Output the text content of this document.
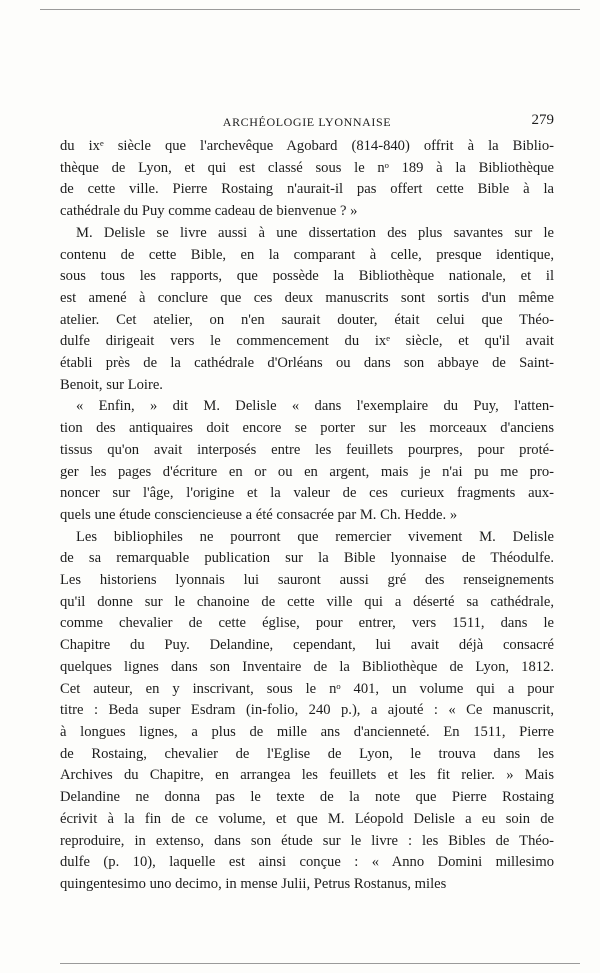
ARCHÉOLOGIE LYONNAISE	279
du ixᵉ siècle que l'archevêque Agobard (814-840) offrit à la Biblio-
thèque de Lyon, et qui est classé sous le nᵒ 189 à la Bibliothèque
de cette ville. Pierre Rostaing n'aurait-il pas offert cette Bible à la
cathédrale du Puy comme cadeau de bienvenue ? »
M. Delisle se livre aussi à une dissertation des plus savantes sur le
contenu de cette Bible, en la comparant à celle, presque identique,
sous tous les rapports, que possède la Bibliothèque nationale, et il
est amené à conclure que ces deux manuscrits sont sortis d'un même
atelier. Cet atelier, on n'en saurait douter, était celui que Théo-
dulfe dirigeait vers le commencement du ixᵉ siècle, et qu'il avait
établi près de la cathédrale d'Orléans ou dans son abbaye de Saint-
Benoit, sur Loire.
« Enfin, » dit M. Delisle « dans l'exemplaire du Puy, l'atten-
tion des antiquaires doit encore se porter sur les morceaux d'anciens
tissus qu'on avait interposés entre les feuillets pourpres, pour proté-
ger les pages d'écriture en or ou en argent, mais je n'ai pu me pro-
noncer sur l'âge, l'origine et la valeur de ces curieux fragments aux-
quels une étude consciencieuse a été consacrée par M. Ch. Hedde. »
Les bibliophiles ne pourront que remercier vivement M. Delisle
de sa remarquable publication sur la Bible lyonnaise de Théodulfe.
Les historiens lyonnais lui sauront aussi gré des renseignements
qu'il donne sur le chanoine de cette ville qui a déserté sa cathédrale,
comme chevalier de cette église, pour entrer, vers 1511, dans le
Chapitre du Puy. Delandine, cependant, lui avait déjà consacré
quelques lignes dans son Inventaire de la Bibliothèque de Lyon, 1812.
Cet auteur, en y inscrivant, sous le nᵒ 401, un volume qui a pour
titre : Beda super Esdram (in-folio, 240 p.), a ajouté : « Ce manuscrit,
à longues lignes, a plus de mille ans d'ancienneté. En 1511, Pierre
de Rostaing, chevalier de l'Eglise de Lyon, le trouva dans les
Archives du Chapitre, en arrangea les feuillets et les fit relier. » Mais
Delandine ne donna pas le texte de la note que Pierre Rostaing
écrivit à la fin de ce volume, et que M. Léopold Delisle a eu soin de
reproduire, in extenso, dans son étude sur le livre : les Bibles de Théo-
dulfe (p. 10), laquelle est ainsi conçue : « Anno Domini millesimo
quingentesimo uno decimo, in mense Julii, Petrus Rostanus, miles
